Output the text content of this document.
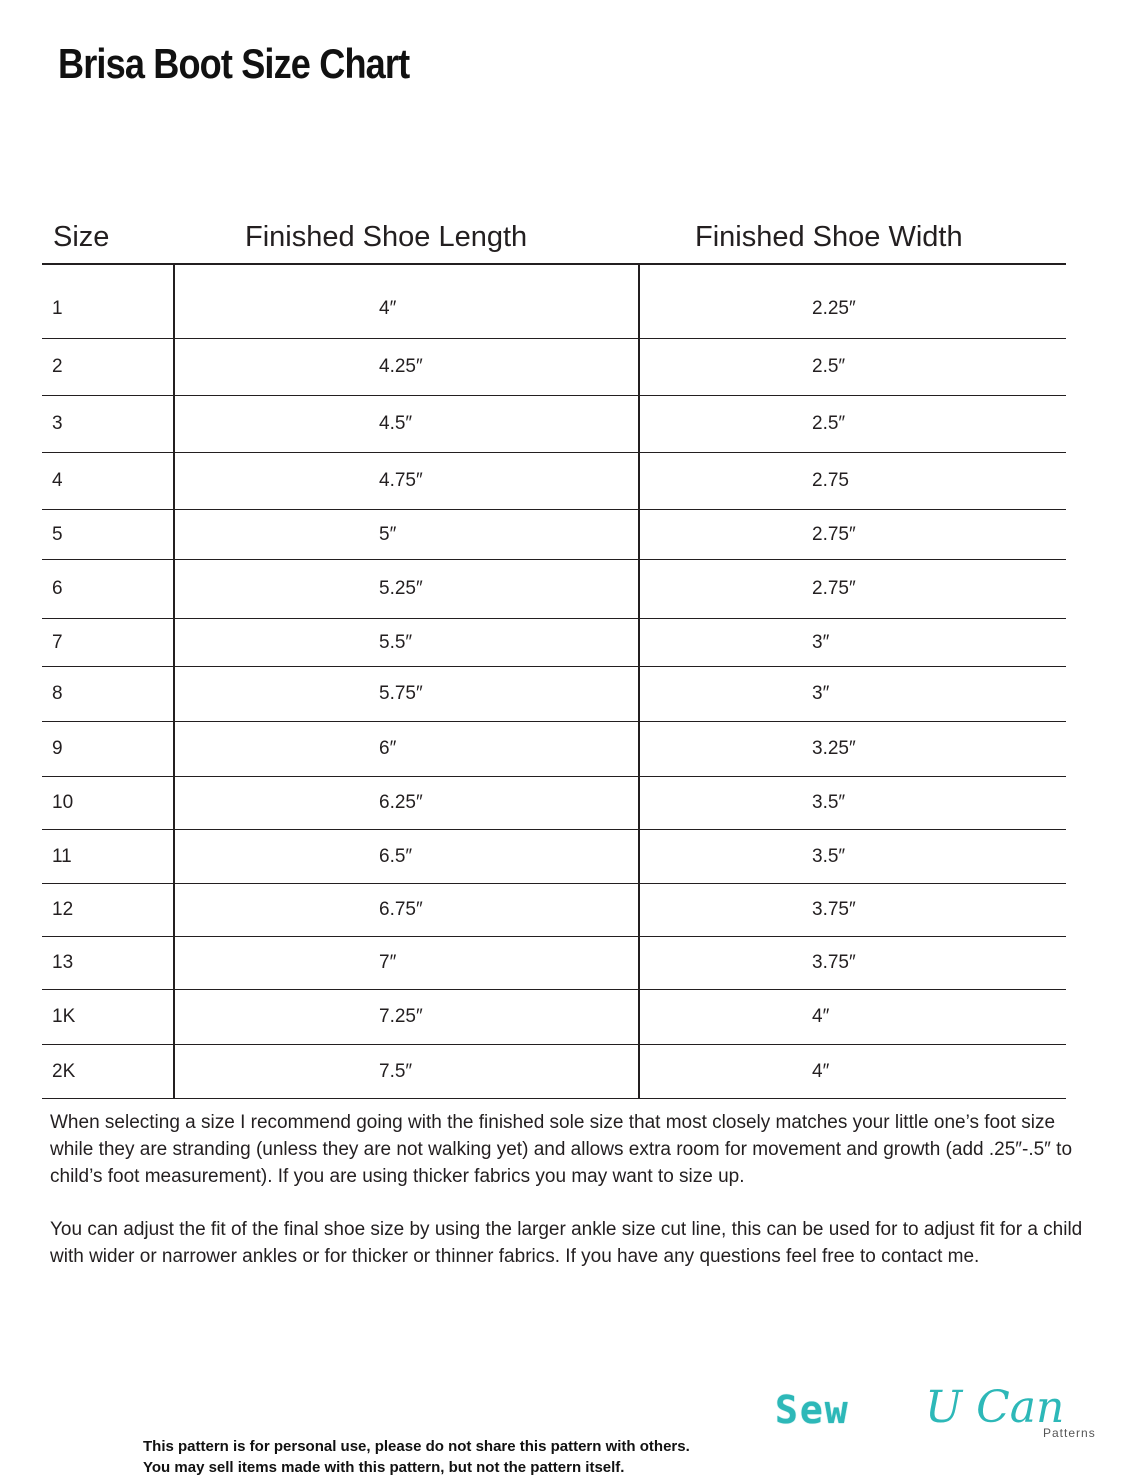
Brisa Boot Size Chart
Size	Finished Shoe Length	Finished Shoe Width
1	4″	2.25″
2	4.25″	2.5″
3	4.5″	2.5″
4	4.75″	2.75
5	5″	2.75″
6	5.25″	2.75″
7	5.5″	3″
8	5.75″	3″
9	6″	3.25″
10	6.25″	3.5″
11	6.5″	3.5″
12	6.75″	3.75″
13	7″	3.75″
1K	7.25″	4″
2K	7.5″	4″

When selecting a size I recommend going with the finished sole size that most closely matches your little one’s foot size while they are stranding (unless they are not walking yet) and allows extra room for movement and growth (add .25″-.5″ to child’s foot measurement). If you are using thicker fabrics you may want to size up.

You can adjust the fit of the final shoe size by using the larger ankle size cut line, this can be used for to adjust fit for a child with wider or narrower ankles or for thicker or thinner fabrics. If you have any questions feel free to contact me.

Sew U Can
Patterns

This pattern is for personal use, please do not share this pattern with others.
You may sell items made with this pattern, but not the pattern itself.
